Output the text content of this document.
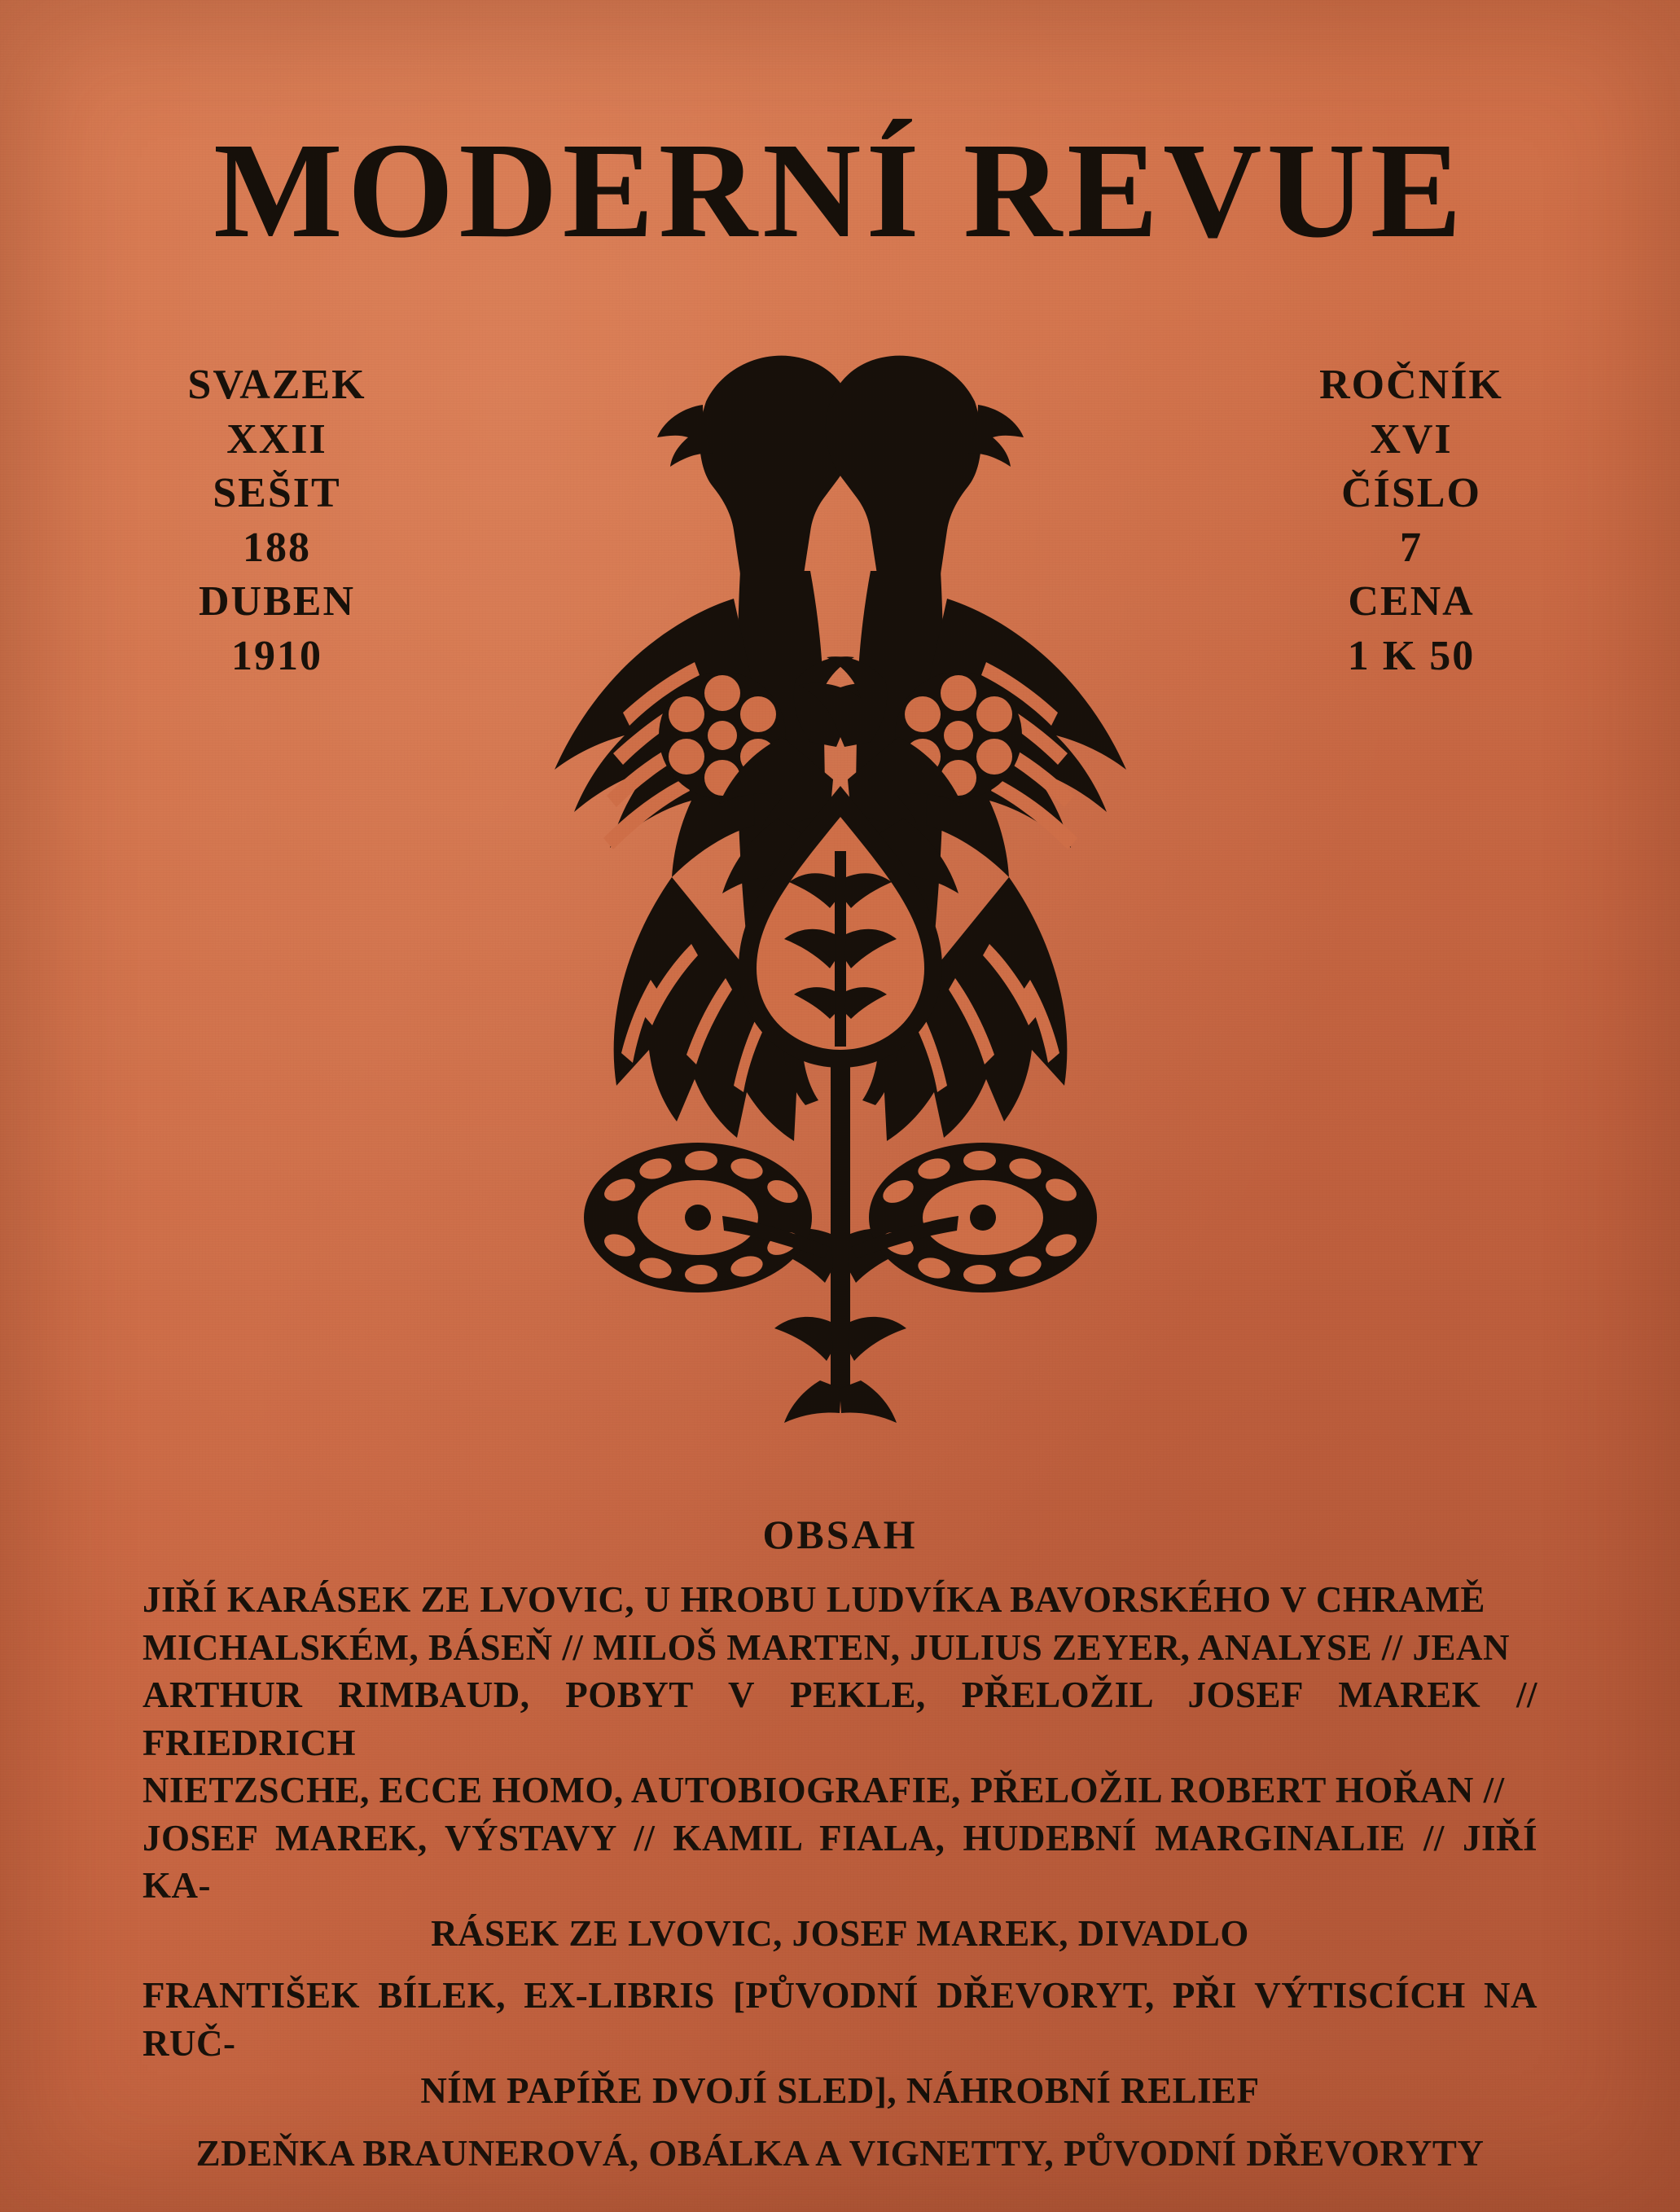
MODERNÍ REVUE
SVAZEK
XXII
SEŠIT
188
DUBEN
1910
ROČNÍK
XVI
ČÍSLO
7
CENA
1 K 50
OBSAH
JIŘÍ KARÁSEK ZE LVOVIC, U HROBU LUDVÍKA BAVORSKÉHO V CHRAMĚ
MICHALSKÉM, BÁSEŇ // MILOŠ MARTEN, JULIUS ZEYER, ANALYSE // JEAN
ARTHUR RIMBAUD, POBYT V PEKLE, PŘELOŽIL JOSEF MAREK // FRIEDRICH
NIETZSCHE, ECCE HOMO, AUTOBIOGRAFIE, PŘELOŽIL ROBERT HOŘAN //
JOSEF MAREK, VÝSTAVY // KAMIL FIALA, HUDEBNÍ MARGINALIE // JIŘÍ KA-
RÁSEK ZE LVOVIC, JOSEF MAREK, DIVADLO
FRANTIŠEK BÍLEK, EX-LIBRIS [PŮVODNÍ DŘEVORYT, PŘI VÝTISCÍCH NA RUČ-
NÍM PAPÍŘE DVOJÍ SLED], NÁHROBNÍ RELIEF
ZDEŇKA BRAUNEROVÁ, OBÁLKA A VIGNETTY, PŮVODNÍ DŘEVORYTY
